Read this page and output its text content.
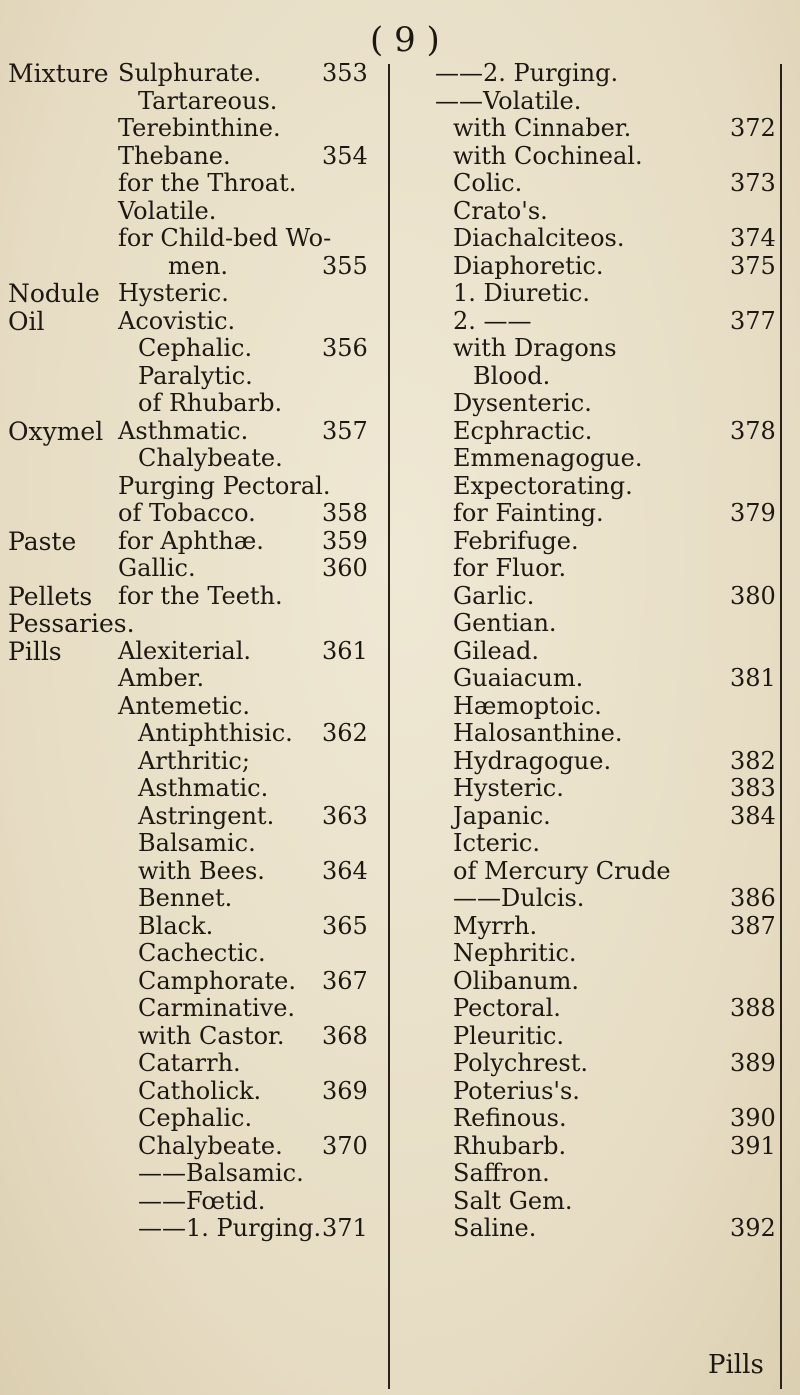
( 9 )
Mixture Sulphurate.	353
Tartareous.
Terebinthine.
Thebane.	354
for the Throat.
Volatile.
for Child-bed Wo-
men.	355
Nodule Hysteric.
Oil	Acovistic.
Cephalic.	356
Paralytic.
of Rhubarb.
Oxymel Asthmatic.	357
Chalybeate.
Purging Pectoral.
of Tobacco.	358
Paste for Aphthæ. 359
Gallic.	360
Pellets for the Teeth.
Pessaries.
Pills Alexiterial.	361
Amber.
Antemetic.
Antiphthisic. 362
Arthritic;
Asthmatic.
Astringent. 363
Balsamic.
with Bees. 364
Bennet.
Black.	365
Cachectic.
Camphorate. 367
Carminative.
with Castor. 368
Catarrh.
Catholick.	369
Cephalic.
Chalybeate. 370
——Balsamic.
——Fœtid.
——1. Purging. 371
——2. Purging.
——Volatile.
with Cinnaber.	372
with Cochineal.
Colic.	373
Crato's.
Diachalciteos.	374
Diaphoretic.	375
1. Diuretic.
2. ——	377
with Dragons
Blood.
Dysenteric.
Ecphractic.	378
Emmenagogue.
Expectorating.
for Fainting.	379
Febrifuge.
for Fluor.
Garlic.	380
Gentian.
Gilead.
Guaiacum.	381
Hæmoptoic.
Halosanthine.
Hydragogue.	382
Hysteric.	383
Japanic.	384
Icteric.
of Mercury Crude
——Dulcis.	386
Myrrh.	387
Nephritic.
Olibanum.
Pectoral.	388
Pleuritic.
Polychrest.	389
Poterius's.
Refinous.	390
Rhubarb.	391
Saffron.
Salt Gem.
Saline.	392
Pills
